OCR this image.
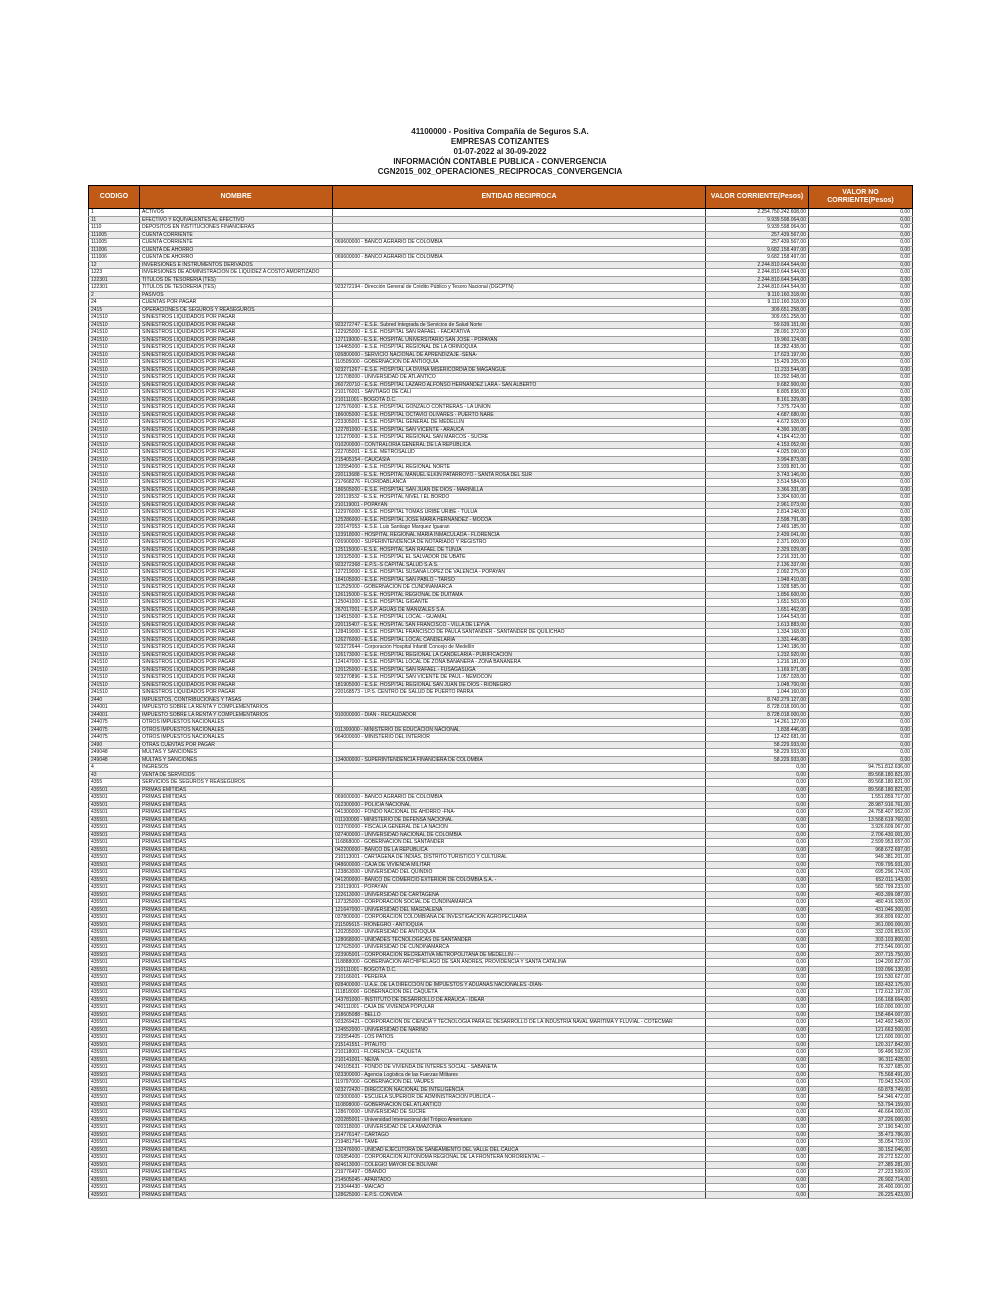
41100000 - Positiva Compañía de Seguros S.A.
EMPRESAS COTIZANTES
01-07-2022 al 30-09-2022
INFORMACIÓN CONTABLE PUBLICA - CONVERGENCIA
CGN2015_002_OPERACIONES_RECIPROCAS_CONVERGENCIA
CODIGO	NOMBRE	ENTIDAD RECIPROCA	VALOR CORRIENTE(Pesos)	VALOR NO CORRIENTE(Pesos)
1	ACTIVOS		2.254.750.242.608,00	0,00
11	EFECTIVO Y EQUIVALENTES AL EFECTIVO		9.939.598.064,00	0,00
1110	DEPÓSITOS EN INSTITUCIONES FINANCIERAS		9.939.598.064,00	0,00
111005	CUENTA CORRIENTE		257.439.567,00	0,00
111005	CUENTA CORRIENTE	069600000 - BANCO AGRARIO DE COLOMBIA	257.439.567,00	0,00
111006	CUENTA DE AHORRO		9.682.158.497,00	0,00
111006	CUENTA DE AHORRO	069600000 - BANCO AGRARIO DE COLOMBIA	9.682.158.497,00	0,00
12	INVERSIONES E INSTRUMENTOS DERIVADOS		2.244.810.644.544,00	0,00
1223	INVERSIONES DE ADMINISTRACIÓN DE LIQUIDEZ A COSTO AMORTIZADO		2.244.810.644.544,00	0,00
122301	TÍTULOS DE TESORERÍA (TES)		2.244.810.644.544,00	0,00
122301	TÍTULOS DE TESORERÍA (TES)	923272194 - Dirección General de Crédito Público y Tesoro Nacional (DGCPTN)	2.244.810.644.544,00	0,00
2	PASIVOS		9.110.160.318,00	0,00
24	CUENTAS POR PAGAR		9.110.160.318,00	0,00
2415	OPERACIONES DE SEGUROS Y REASEGUROS		309.651.258,00	0,00
241510	SINIESTROS LIQUIDADOS POR PAGAR		309.651.258,00	0,00
241510	SINIESTROS LIQUIDADOS POR PAGAR	923272747 - E.S.E. Subred Integrada de Servicios de Salud Norte	59.639.151,00	0,00
241510	SINIESTROS LIQUIDADOS POR PAGAR	122925000 - E.S.E. HOSPITAL SAN RAFAEL - FACATATIVÁ	28.091.372,00	0,00
241510	SINIESTROS LIQUIDADOS POR PAGAR	127119000 - E.S.E. HOSPITAL UNIVERSITARIO SAN JOSE - POPAYAN	19.960.124,00	0,00
241510	SINIESTROS LIQUIDADOS POR PAGAR	124465000 - E.S.E. HOSPITAL REGIONAL DE LA ORINOQUÍA	18.282.438,00	0,00
241510	SINIESTROS LIQUIDADOS POR PAGAR	026800000 - SERVICIO NACIONAL DE APRENDIZAJE -SENA-	17.623.197,00	0,00
241510	SINIESTROS LIQUIDADOS POR PAGAR	110505000 - GOBERNACIÓN DE ANTIOQUIA	15.429.205,00	0,00
241510	SINIESTROS LIQUIDADOS POR PAGAR	923271267 - E.S.E. HOSPITAL LA DIVINA MISERICORDIA DE MAGANGUE	11.233.544,00	0,00
241510	SINIESTROS LIQUIDADOS POR PAGAR	121708000 - UNIVERSIDAD DE ATLÁNTICO	10.292.948,00	0,00
241510	SINIESTROS LIQUIDADOS POR PAGAR	260720710 - E.S.E. HOSPITAL LAZARO ALFONSO HERNANDEZ LARA - SAN ALBERTO	9.682.900,00	0,00
241510	SINIESTROS LIQUIDADOS POR PAGAR	210176001 - SANTIAGO DE CALI	8.805.838,00	0,00
241510	SINIESTROS LIQUIDADOS POR PAGAR	210111001 - BOGOTÁ D.C.	8.161.329,00	0,00
241510	SINIESTROS LIQUIDADOS POR PAGAR	127576000 - E.S.E. HOSPITAL GONZALO CONTRERAS - LA UNIÓN	7.375.724,00	0,00
241510	SINIESTROS LIQUIDADOS POR PAGAR	186005000 - E.S.E. HOSPITAL OCTAVIO OLIVARES - PUERTO NARE	4.687.680,00	0,00
241510	SINIESTROS LIQUIDADOS POR PAGAR	223305001 - E.S.E. HOSPITAL GENERAL DE MEDELLIN	4.672.928,00	0,00
241510	SINIESTROS LIQUIDADOS POR PAGAR	122781000 - E.S.E. HOSPITAL SAN VICENTE - ARAUCA	4.390.100,00	0,00
241510	SINIESTROS LIQUIDADOS POR PAGAR	121270000 - E.S.E. HOSPITAL REGIONAL SAN MARCOS - SUCRE	4.184.412,00	0,00
241510	SINIESTROS LIQUIDADOS POR PAGAR	010200000 - CONTRALORÍA GENERAL DE LA REPUBLICA	4.153.052,00	0,00
241510	SINIESTROS LIQUIDADOS POR PAGAR	222705001 - E.S.E. METROSALUD	4.025.090,00	0,00
241510	SINIESTROS LIQUIDADOS POR PAGAR	215405154 - CAUCASIA	3.994.873,00	0,00
241510	SINIESTROS LIQUIDADOS POR PAGAR	120554000 - E.S.E. HOSPITAL REGIONAL NORTE	3.939.801,00	0,00
241510	SINIESTROS LIQUIDADOS POR PAGAR	220113688 - E.S.E. HOSPITAL MANUEL ELKIN PATARROYO - SANTA ROSA DEL SUR	3.743.146,00	0,00
241510	SINIESTROS LIQUIDADOS POR PAGAR	217668276 - FLORIDABLANCA	3.514.584,00	0,00
241510	SINIESTROS LIQUIDADOS POR PAGAR	186505000 - E.S.E. HOSPITAL SAN JUAN DE DIOS - MARINILLA	3.366.331,00	0,00
241510	SINIESTROS LIQUIDADOS POR PAGAR	220119532 - E.S.E. HOSPITAL NIVEL I EL BORDO	3.304.600,00	0,00
241510	SINIESTROS LIQUIDADOS POR PAGAR	210119001 - POPAYÁN	2.961.073,00	0,00
241510	SINIESTROS LIQUIDADOS POR PAGAR	122976000 - E.S.E. HOSPITAL TOMAS URIBE URIBE - TULUA	2.814.248,00	0,00
241510	SINIESTROS LIQUIDADOS POR PAGAR	125286000 - E.S.E. HOSPITAL JOSÉ MARÍA HERNÁNDEZ - MOCOA	2.598.791,00	0,00
241510	SINIESTROS LIQUIDADOS POR PAGAR	220147053 - E.S.E. Luis Santiago Marquez Iguaran	2.469.185,00	0,00
241510	SINIESTROS LIQUIDADOS POR PAGAR	123918000 - HOSPITAL REGIONAL MARÍA INMACULADA - FLORENCIA	2.439.041,00	0,00
241510	SINIESTROS LIQUIDADOS POR PAGAR	026900000 - SUPERINTENDENCIA DE NOTARIADO Y REGISTRO	2.371.009,00	0,00
241510	SINIESTROS LIQUIDADOS POR PAGAR	125115000 - E.S.E. HOSPITAL SAN RAFAEL DE TUNJA	2.329.029,00	0,00
241510	SINIESTROS LIQUIDADOS POR PAGAR	120325000 - E.S.E. HOSPITAL EL SALVADOR DE UBATE	2.216.331,00	0,00
241510	SINIESTROS LIQUIDADOS POR PAGAR	923272368 - E.P.S.-S CAPITAL SALUD S.A.S.	2.136.337,00	0,00
241510	SINIESTROS LIQUIDADOS POR PAGAR	127219000 - E.S.E. HOSPITAL SUSANA LOPEZ DE VALENCIA - POPAYAN	2.092.275,00	0,00
241510	SINIESTROS LIQUIDADOS POR PAGAR	184105000 - E.S.E. HOSPITAL SAN PABLO - TARSO	1.948.410,00	0,00
241510	SINIESTROS LIQUIDADOS POR PAGAR	112525000 - GOBERNACIÓN DE CUNDINAMARCA	1.928.585,00	0,00
241510	SINIESTROS LIQUIDADOS POR PAGAR	126115000 - E.S.E. HOSPITAL REGIONAL DE DUITAMA	1.856.600,00	0,00
241510	SINIESTROS LIQUIDADOS POR PAGAR	125041000 - E.S.E. HOSPITAL GIGANTE	1.651.503,00	0,00
241510	SINIESTROS LIQUIDADOS POR PAGAR	267017001 - E.S.P. AGUAS DE MANIZALES S.A.	1.651.462,00	0,00
241510	SINIESTROS LIQUIDADOS POR PAGAR	124515000 - E.S.E. HOSPITAL LOCAL - GUAMAL	1.644.543,00	0,00
241510	SINIESTROS LIQUIDADOS POR PAGAR	220115407 - E.S.E. HOSPITAL SAN FRANCISCO - VILLA DE LEYVA	1.613.883,00	0,00
241510	SINIESTROS LIQUIDADOS POR PAGAR	128419000 - E.S.E. HOSPITAL FRANCISCO DE PAULA SANTANDER - SANTANDER DE QUILICHAO	1.334.168,00	0,00
241510	SINIESTROS LIQUIDADOS POR PAGAR	126276000 - E.S.E. HOSPITAL LOCAL CANDELARIA	1.331.446,00	0,00
241510	SINIESTROS LIQUIDADOS POR PAGAR	923272644 - Corporación Hospital Infantil Concejo de Medellín	1.240.186,00	0,00
241510	SINIESTROS LIQUIDADOS POR PAGAR	126173000 - E.S.E. HOSPITAL REGIONAL LA CANDELARIA - PURIFICACION	1.232.920,00	0,00
241510	SINIESTROS LIQUIDADOS POR PAGAR	124147000 - E.S.E. HOSPITAL LOCAL DE ZONA BANANERA - ZONA BANANERA	1.216.181,00	0,00
241510	SINIESTROS LIQUIDADOS POR PAGAR	120125000 - E.S.E. HOSPITAL SAN RAFAEL - FUSAGASUGA	1.169.971,00	0,00
241510	SINIESTROS LIQUIDADOS POR PAGAR	923270896 - E.S.E. HOSPITAL SAN VICENTE DE PAUL - NEMOCON	1.057.028,00	0,00
241510	SINIESTROS LIQUIDADOS POR PAGAR	181905000 - E.S.E. HOSPITAL REGIONAL SAN JUAN DE DIOS - RIONEGRO	1.048.700,00	0,00
241510	SINIESTROS LIQUIDADOS POR PAGAR	220168573 - I.P.S. CENTRO DE SALUD DE PUERTO PARRA	1.044.160,00	0,00
2440	IMPUESTOS, CONTRIBUCIONES Y TASAS		8.742.279.127,00	0,00
244001	IMPUESTO SOBRE LA RENTA Y COMPLEMENTARIOS		8.728.018.000,00	0,00
244001	IMPUESTO SOBRE LA RENTA Y COMPLEMENTARIOS	910000000 - DIAN - RECAUDADOR	8.728.018.000,00	0,00
244075	OTROS IMPUESTOS NACIONALES		14.261.127,00	0,00
244075	OTROS IMPUESTOS NACIONALES	011300000 - MINISTERIO DE EDUCACION NACIONAL	1.838.446,00	0,00
244075	OTROS IMPUESTOS NACIONALES	964000000 - MINISTERIO DEL INTERIOR	12.422.681,00	0,00
2490	OTRAS CUENTAS POR PAGAR		58.229.933,00	0,00
249048	MULTAS Y SANCIONES		58.229.933,00	0,00
249048	MULTAS Y SANCIONES	134000000 - SUPERINTENDENCIA FINANCIERA DE COLOMBIA	58.229.933,00	0,00
4	INGRESOS		0,00	94.751.812.636,00
43	VENTA DE SERVICIOS		0,00	89.568.180.821,00
4355	SERVICIOS DE SEGUROS Y REASEGUROS		0,00	89.568.180.821,00
435501	PRIMAS EMITIDAS		0,00	89.568.180.821,00
435501	PRIMAS EMITIDAS	069600000 - BANCO AGRARIO DE COLOMBIA	0,00	1.551.859.717,00
435501	PRIMAS EMITIDAS	012300000 - POLICIA NACIONAL	0,00	28.987.916.761,00
435501	PRIMAS EMITIDAS	041300000 - FONDO NACIONAL DE AHORRO -FNA-	0,00	24.758.407.952,00
435501	PRIMAS EMITIDAS	011100000 - MINISTERIO DE DEFENSA NACIONAL	0,00	13.568.619.760,00
435501	PRIMAS EMITIDAS	013700000 - FISCALIA GENERAL DE LA NACION	0,00	3.926.609.067,00
435501	PRIMAS EMITIDAS	027400000 - UNIVERSIDAD NACIONAL DE COLOMBIA	0,00	2.706.430.001,00
435501	PRIMAS EMITIDAS	116868000 - GOBERNACIÓN DEL SANTANDER	0,00	2.599.953.657,00
435501	PRIMAS EMITIDAS	042200000 - BANCO DE LA REPÚBLICA	0,00	968.672.697,00
435501	PRIMAS EMITIDAS	210113001 - CARTAGENA DE INDIAS, DISTRITO TURÍSTICO Y CULTURAL	0,00	949.381.201,00
435501	PRIMAS EMITIDAS	048600000 - CAJA DE VIVIENDA MILITAR	0,00	709.795.931,00
435501	PRIMAS EMITIDAS	123863000 - UNIVERSIDAD DEL QUINDIO	0,00	695.296.174,00
435501	PRIMAS EMITIDAS	041200000 - BANCO DE COMERCIO EXTERIOR DE COLOMBIA S.A. -	0,00	652.011.143,00
435501	PRIMAS EMITIDAS	210119001 - POPAYÁN	0,00	582.799.233,00
435501	PRIMAS EMITIDAS	122613000 - UNIVERSIDAD DE CARTAGENA	0,00	493.399.087,00
435501	PRIMAS EMITIDAS	127325000 - CORPORACIÓN SOCIAL DE CUNDINAMARCA	0,00	480.416.928,00
435501	PRIMAS EMITIDAS	121647000 - UNIVERSIDAD DEL MAGDALENA	0,00	431.046.300,00
435501	PRIMAS EMITIDAS	037800000 - CORPORACIÓN COLOMBIANA DE INVESTIGACIÓN AGROPECUARIA	0,00	366.809.692,00
435501	PRIMAS EMITIDAS	211505615 - RIONEGRO - ANTIOQUIA	0,00	361.000.000,00
435501	PRIMAS EMITIDAS	120205000 - UNIVERSIDAD DE ANTIOQUIA	0,00	332.026.853,00
435501	PRIMAS EMITIDAS	128068000 - UNIDADES TECNOLOGICAS DE SANTANDER	0,00	303.103.800,00
435501	PRIMAS EMITIDAS	127625000 - UNIVERSIDAD DE CUNDINAMARCA	0,00	273.546.000,00
435501	PRIMAS EMITIDAS	223905001 - CORPORACIÓN RECREATIVA METROPOLITANA DE MEDELLIN - -	0,00	207.715.750,00
435501	PRIMAS EMITIDAS	118888000 - GOBERNACIÓN ARCHIPIÉLAGO DE SAN ANDRÉS, PROVIDENCIA Y SANTA CATALINA	0,00	194.200.827,00
435501	PRIMAS EMITIDAS	210111001 - BOGOTÁ D.C.	0,00	193.096.130,00
435501	PRIMAS EMITIDAS	210166001 - PEREIRA	0,00	191.530.627,00
435501	PRIMAS EMITIDAS	828400000 - U.A.E. DE LA DIRECCION DE IMPUESTOS Y ADUANAS NACIONALES -DIAN-	0,00	183.432.175,00
435501	PRIMAS EMITIDAS	111818000 - GOBERNACIÓN DEL CAQUETÁ	0,00	172.612.197,00
435501	PRIMAS EMITIDAS	143781000 - INSTITUTO DE DESARROLLO DE ARAUCA - IDEAR	0,00	166.168.664,00
435501	PRIMAS EMITIDAS	240111001 - CAJA DE VIVIENDA POPULAR	0,00	160.000.000,00
435501	PRIMAS EMITIDAS	218605088 - BELLO	0,00	158.484.007,00
435501	PRIMAS EMITIDAS	923269421 - CORPORACIÓN DE CIENCIA Y TECNOLOGIA PARA EL DESARROLLO DE LA INDUSTRIA NAVAL MARITIMA Y FLUVIAL - COTECMAR	0,00	142.492.548,00
435501	PRIMAS EMITIDAS	124552000 - UNIVERSIDAD DE NARIÑO	0,00	121.663.500,00
435501	PRIMAS EMITIDAS	210554405 - LOS PATIOS	0,00	121.600.000,00
435501	PRIMAS EMITIDAS	215141551 - PITALITO	0,00	120.317.842,00
435501	PRIMAS EMITIDAS	210118001 - FLORENCIA - CAQUETÁ	0,00	99.496.592,00
435501	PRIMAS EMITIDAS	210141001 - NEIVA	0,00	96.311.428,00
435501	PRIMAS EMITIDAS	240105631 - FONDO DE VIVIENDA DE INTERÉS SOCIAL - SABANETA	0,00	76.327.685,00
435501	PRIMAS EMITIDAS	023300000 - Agencia Logística de las Fuerzas Militares	0,00	75.568.491,00
435501	PRIMAS EMITIDAS	119797000 - GOBERNACIÓN DEL VAUPES	0,00	70.943.524,00
435501	PRIMAS EMITIDAS	923272420 - DIRECCIÓN NACIONAL DE INTELIGENCIA	0,00	60.878.749,00
435501	PRIMAS EMITIDAS	023000000 - ESCUELA SUPERIOR DE ADMINISTRACIÓN PUBLICA --	0,00	54.346.472,00
435501	PRIMAS EMITIDAS	110808000 - GOBERNACIÓN DEL ATLÁNTICO	0,00	53.794.159,00
435501	PRIMAS EMITIDAS	128670000 - UNIVERSIDAD DE SUCRE	0,00	46.664.000,00
435501	PRIMAS EMITIDAS	220285001 - Universidad Internacional del Trópico Americano	0,00	37.226.000,00
435501	PRIMAS EMITIDAS	020318000 - UNIVERSIDAD DE LA AMAZONIA	0,00	37.190.540,00
435501	PRIMAS EMITIDAS	214776147 - CARTAGO	0,00	35.473.786,00
435501	PRIMAS EMITIDAS	219481794 - TAME	0,00	35.054.719,00
435501	PRIMAS EMITIDAS	132476000 - UNIDAD EJECUTORA DE SANEAMIENTO DEL VALLE DEL CAUCA	0,00	30.152.046,00
435501	PRIMAS EMITIDAS	026854000 - CORPORACIÓN AUTONOMA REGIONAL DE LA FRONTERA NORORIENTAL --	0,00	29.272.522,00
435501	PRIMAS EMITIDAS	824613000 - COLEGIO MAYOR DE BOLIVAR	0,00	27.385.281,00
435501	PRIMAS EMITIDAS	219776497 - OBANDO	0,00	27.223.599,00
435501	PRIMAS EMITIDAS	214505045 - APARTADÓ	0,00	26.902.714,00
435501	PRIMAS EMITIDAS	213044430 - MAICAO	0,00	26.400.000,00
435501	PRIMAS EMITIDAS	128625000 - E.P.S. CONVIDA	0,00	26.225.423,00
